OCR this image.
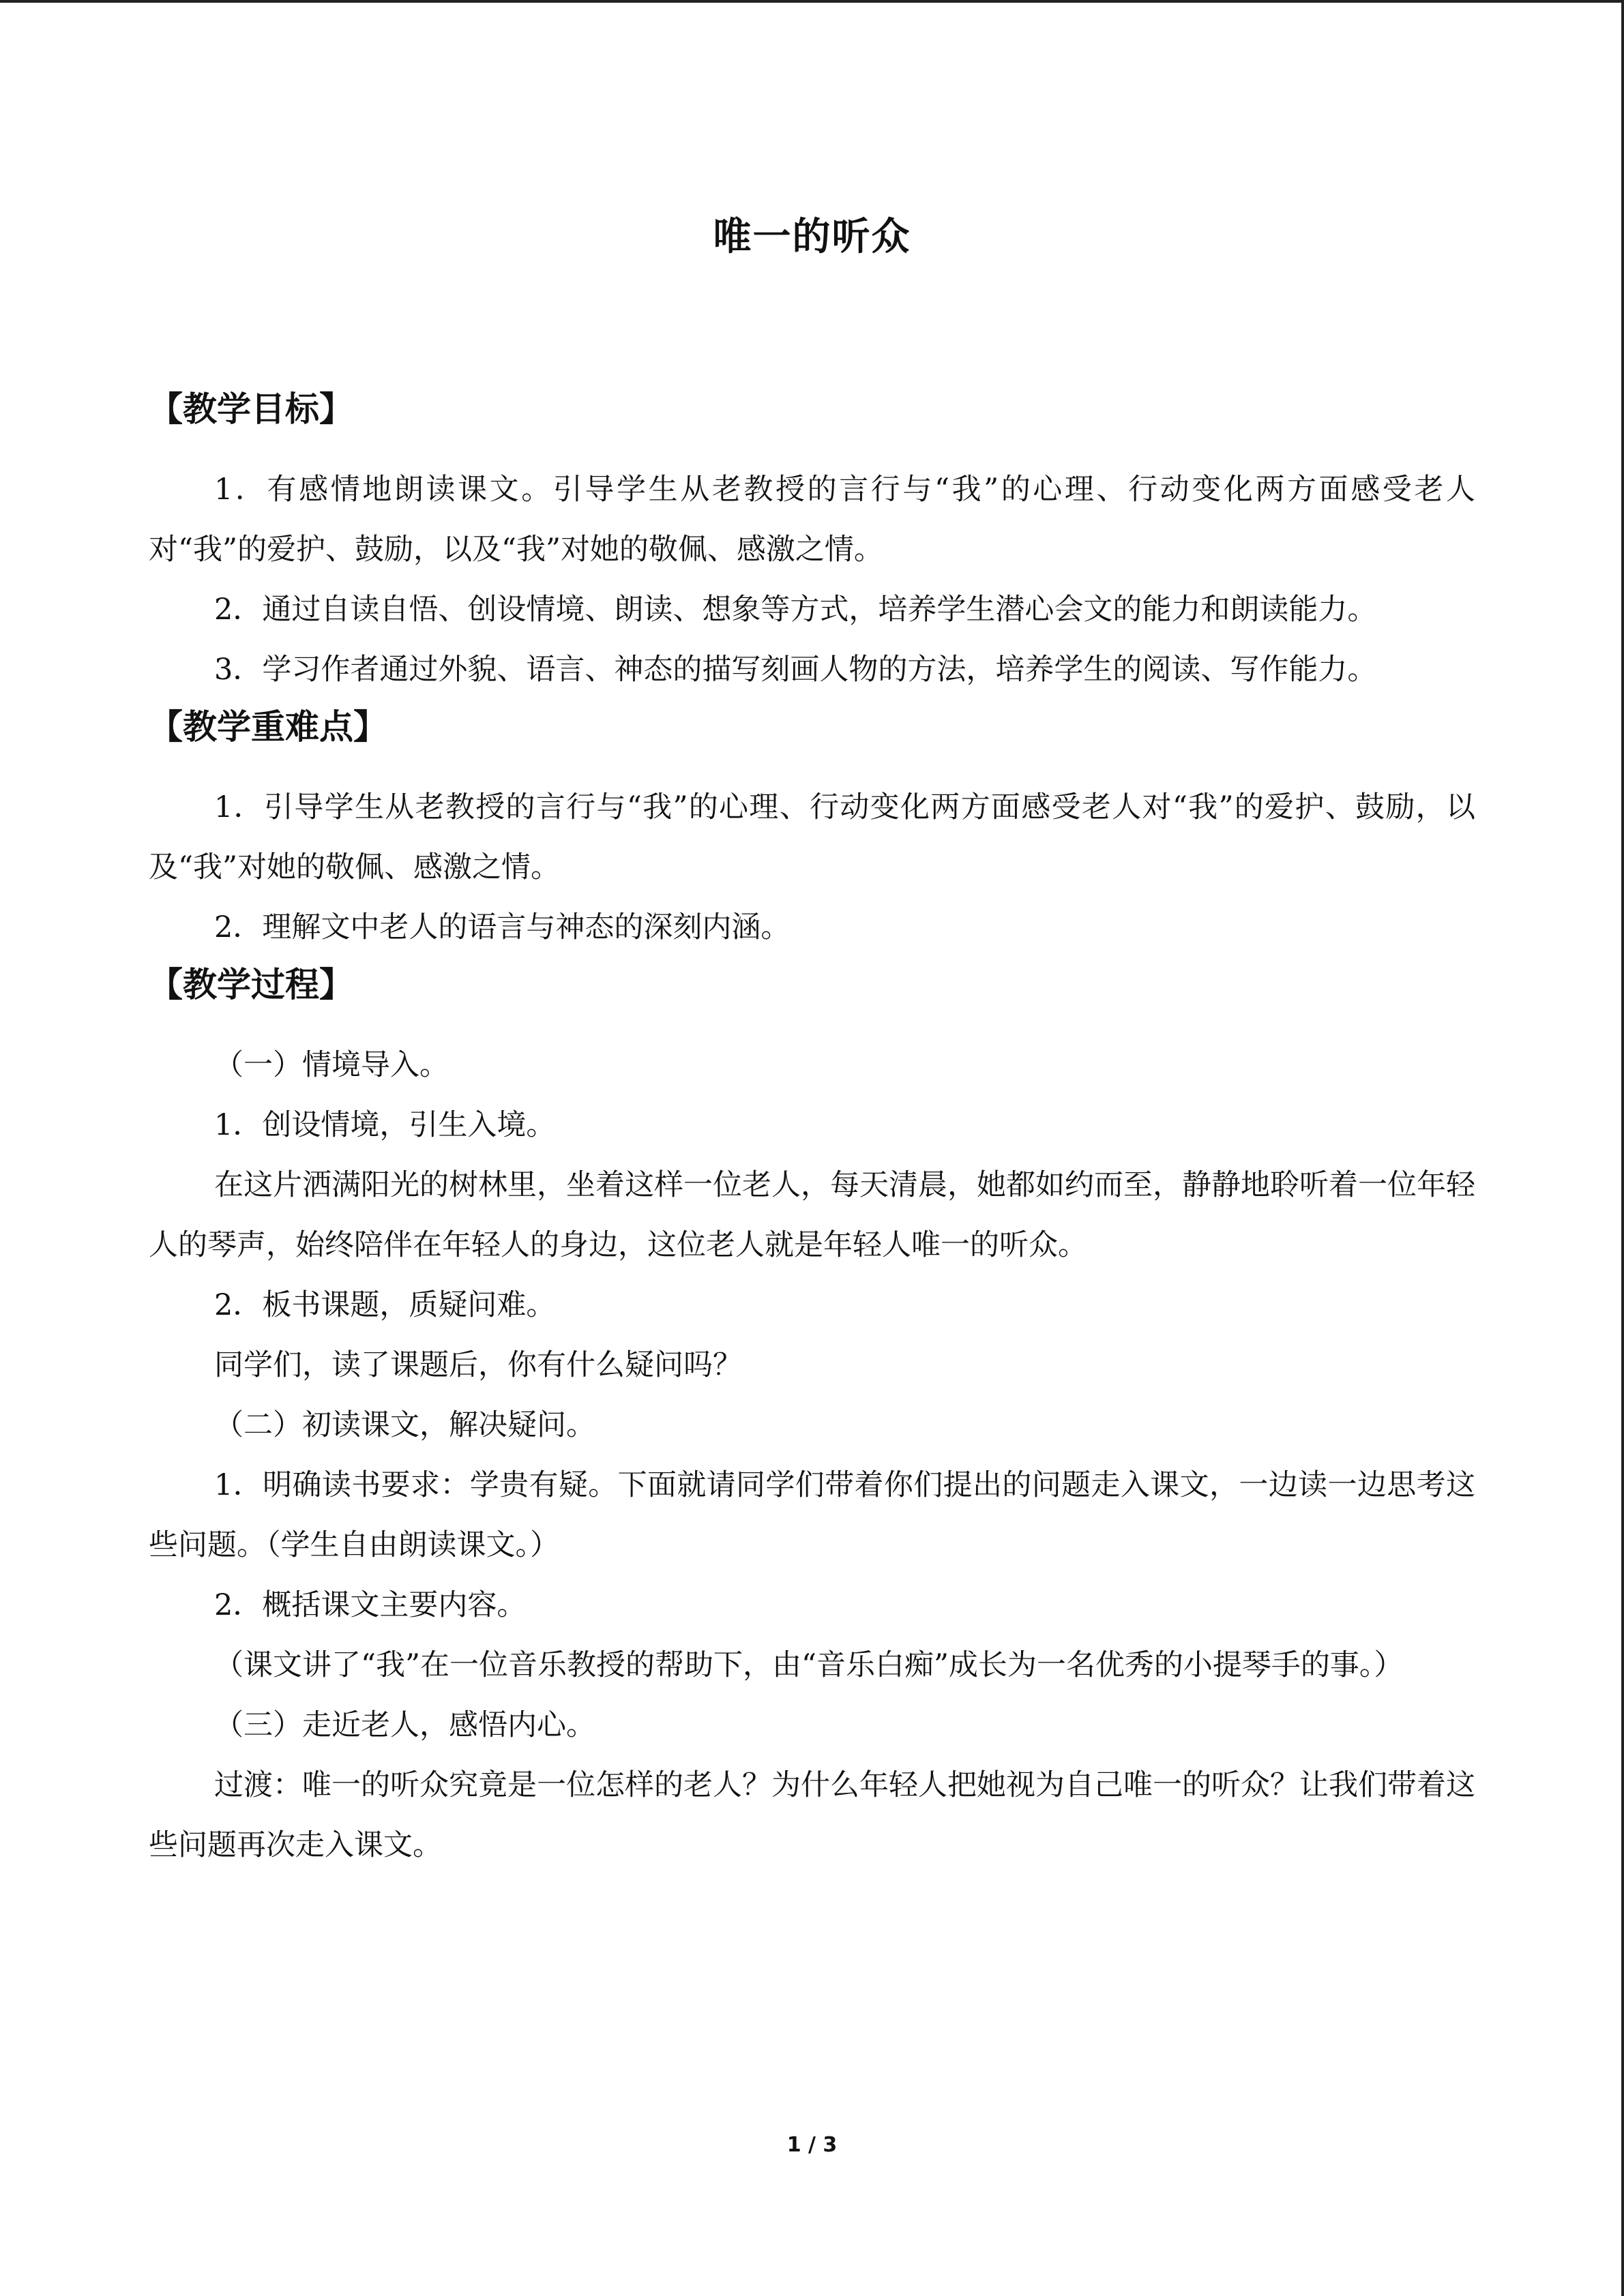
唯一的听众
【教学目标】

1．有感情地朗读课文。引导学生从老教授的言行与“我”的心理、行动变化两方面感受老人对“我”的爱护、鼓励，以及“我”对她的敬佩、感激之情。

2．通过自读自悟、创设情境、朗读、想象等方式，培养学生潜心会文的能力和朗读能力。

3．学习作者通过外貌、语言、神态的描写刻画人物的方法，培养学生的阅读、写作能力。

【教学重难点】

1．引导学生从老教授的言行与“我”的心理、行动变化两方面感受老人对“我”的爱护、鼓励，以及“我”对她的敬佩、感激之情。

2．理解文中老人的语言与神态的深刻内涵。

【教学过程】

（一）情境导入。

1．创设情境，引生入境。

在这片洒满阳光的树林里，坐着这样一位老人，每天清晨，她都如约而至，静静地聆听着一位年轻人的琴声，始终陪伴在年轻人的身边，这位老人就是年轻人唯一的听众。

2．板书课题，质疑问难。

同学们，读了课题后，你有什么疑问吗？

（二）初读课文，解决疑问。

1．明确读书要求：学贵有疑。下面就请同学们带着你们提出的问题走入课文，一边读一边思考这些问题。（学生自由朗读课文。）

2．概括课文主要内容。

（课文讲了“我”在一位音乐教授的帮助下，由“音乐白痴”成长为一名优秀的小提琴手的事。）

（三）走近老人，感悟内心。

过渡：唯一的听众究竟是一位怎样的老人？为什么年轻人把她视为自己唯一的听众？让我们带着这些问题再次走入课文。

1 / 3
